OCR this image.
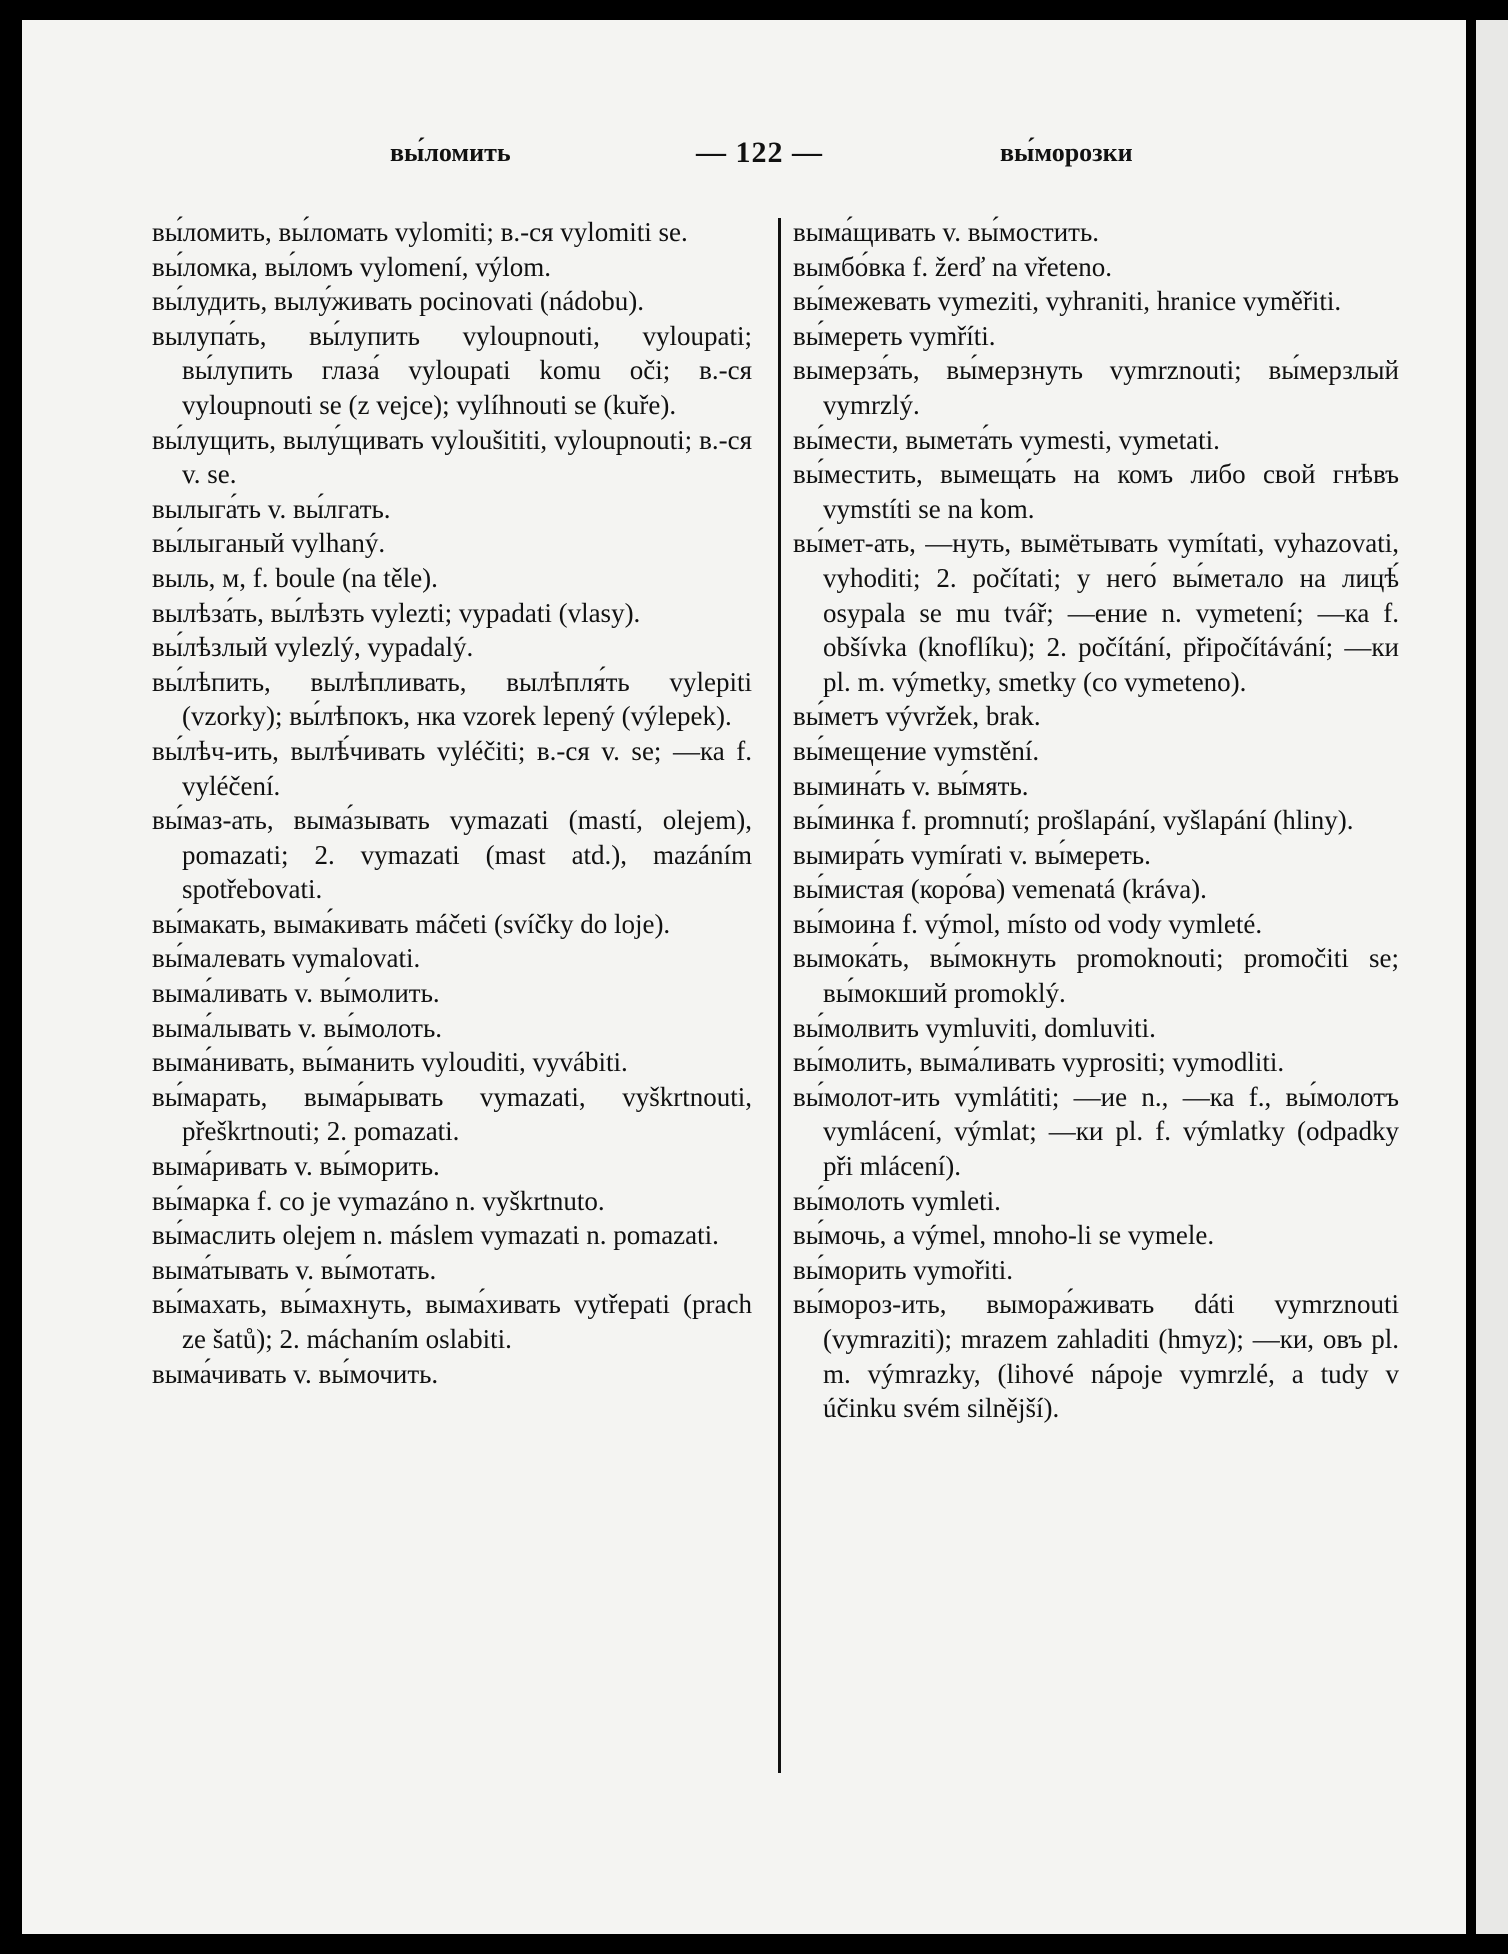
вы́ломить	— 122 —	вы́морозки

вы́ломить, вы́ломать vylomiti; в.-ся vylomiti se.

вы́ломка, вы́ломъ vylomení, výlom.

вы́лудить, вылу́живать pocinovati (nádobu).

вылупа́ть, вы́лупить vyloupnouti, vyloupati; вы́лупить глаза́ vyloupati komu oči; в.-ся vyloupnouti se (z vejce); vylíhnouti se (kuře).

вы́лущить, вылу́щивать vyloušititi, vyloupnouti; в.-ся v. se.

вылыга́ть v. вы́лгать.

вы́лыганый vylhaný.

выль, м, f. boule (na těle).

вылѣза́ть, вы́лѣзть vylezti; vypadati (vlasy).

вы́лѣзлый vylezlý, vypadalý.

вы́лѣпить, вылѣпливать, вылѣпля́ть vylepiti (vzorky); вы́лѣпокъ, нка vzorek lepený (výlepek).

вы́лѣч-ить, вылѣ́чивать vyléčiti; в.-ся v. se; —ка f. vyléčení.

вы́маз-ать, выма́зывать vymazati (mastí, olejem), pomazati; 2. vymazati (mast atd.), mazáním spotřebovati.

вы́макать, выма́кивать máčeti (svíčky do loje).

вы́малевать vymalovati.

выма́ливать v. вы́молить.

выма́лывать v. вы́молоть.

выма́нивать, вы́манить vylouditi, vyvábiti.

вы́марать, выма́рывать vymazati, vyškrtnouti, přeškrtnouti; 2. pomazati.

выма́ривать v. вы́морить.

вы́марка f. co je vymazáno n. vyškrtnuto.

вы́маслить olejem n. máslem vymazati n. pomazati.

выма́тывать v. вы́мотать.

вы́махать, вы́махнуть, выма́хивать vytřepati (prach ze šatů); 2. máchaním oslabiti.

выма́чивать v. вы́мочить.

выма́щивать v. вы́мостить.

вымбо́вка f. žerď na vřeteno.

вы́межевать vymeziti, vyhraniti, hranice vyměřiti.

вы́мереть vymříti.

вымерза́ть, вы́мерзнуть vymrznouti; вы́мерзлый vymrzlý.

вы́мести, вымета́ть vymesti, vymetati.

вы́местить, вымеща́ть на комъ либо свой гнѣвъ vymstíti se na kom.

вы́мет-ать, —нуть, вымётывать vymítati, vyhazovati, vyhoditi; 2. počítati; у него́ вы́метало на лицѣ́ osypala se mu tvář; —ение n. vymetení; —ка f. obšívka (knoflíku); 2. počítání, připočítávání; —ки pl. m. výmetky, smetky (co vymeteno).

вы́метъ vývržek, brak.

вы́мещение vymstění.

вымина́ть v. вы́мять.

вы́минка f. promnutí; prošlapání, vyšlapání (hliny).

вымира́ть vymírati v. вы́мереть.

вы́мистая (коро́ва) vemenatá (kráva).

вы́моина f. výmol, místo od vody vymleté.

вымока́ть, вы́мокнуть promoknouti; promočiti se; вы́мокший promoklý.

вы́молвить vymluviti, domluviti.

вы́молить, выма́ливать vyprositi; vymodliti.

вы́молот-ить vymlátiti; —ие n., —ка f., вы́молотъ vymlácení, výmlat; —ки pl. f. výmlatky (odpadky při mlácení).

вы́молоть vymleti.

вы́мочь, а výmel, mnoho-li se vymele.

вы́морить vymořiti.

вы́мороз-ить, вымора́живать dáti vymrznouti (vymraziti); mrazem zahladiti (hmyz); —ки, овъ pl. m. výmrazky, (lihové nápoje vymrzlé, a tudy v účinku svém silnější).
